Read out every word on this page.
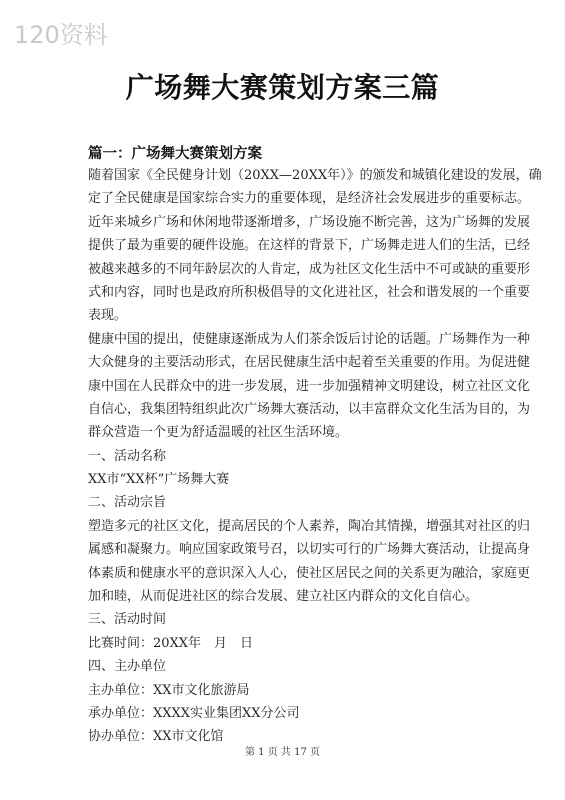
120资料
广场舞大赛策划方案三篇
篇一：广场舞大赛策划方案
随着国家《全民健身计划（20XX—20XX年）》的颁发和城镇化建设的发展，确
定了全民健康是国家综合实力的重要体现，是经济社会发展进步的重要标志。
近年来城乡广场和休闲地带逐渐增多，广场设施不断完善，这为广场舞的发展
提供了最为重要的硬件设施。在这样的背景下，广场舞走进人们的生活，已经
被越来越多的不同年龄层次的人肯定，成为社区文化生活中不可或缺的重要形
式和内容，同时也是政府所积极倡导的文化进社区，社会和谐发展的一个重要
表现。
健康中国的提出，使健康逐渐成为人们茶余饭后讨论的话题。广场舞作为一种
大众健身的主要活动形式，在居民健康生活中起着至关重要的作用。为促进健
康中国在人民群众中的进一步发展，进一步加强精神文明建设，树立社区文化
自信心，我集团特组织此次广场舞大赛活动，以丰富群众文化生活为目的，为
群众营造一个更为舒适温暖的社区生活环境。
一、活动名称
XX市“XX杯”广场舞大赛
二、活动宗旨
塑造多元的社区文化，提高居民的个人素养，陶冶其情操，增强其对社区的归
属感和凝聚力。响应国家政策号召，以切实可行的广场舞大赛活动，让提高身
体素质和健康水平的意识深入人心，使社区居民之间的关系更为融洽，家庭更
加和睦，从而促进社区的综合发展、建立社区内群众的文化自信心。
三、活动时间
比赛时间：20XX年　月　日
四、主办单位
主办单位：XX市文化旅游局
承办单位：XXXX实业集团XX分公司
协办单位：XX市文化馆
第 1 页 共 17 页
